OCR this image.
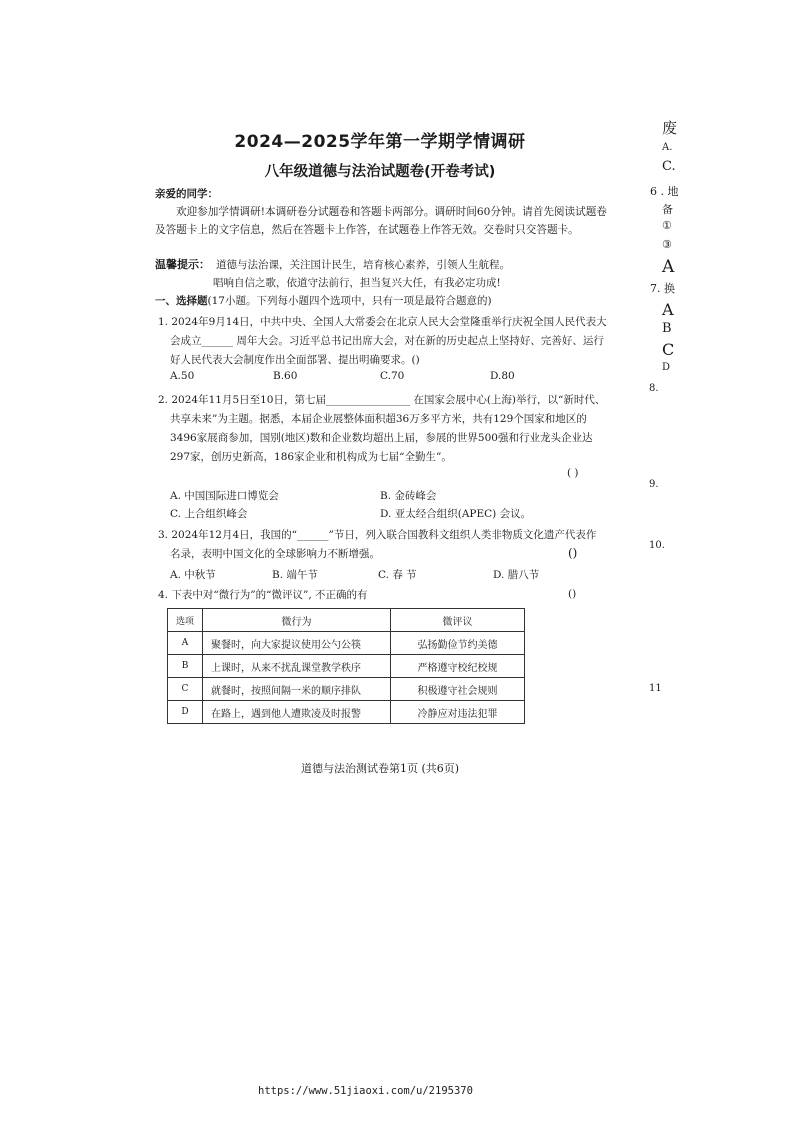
2024—2025学年第一学期学情调研
八年级道德与法治试题卷(开卷考试)
亲爱的同学：
欢迎参加学情调研!本调研卷分试题卷和答题卡两部分。调研时间60分钟。请首先阅读试题卷及答题卡上的文字信息，然后在答题卡上作答，在试题卷上作答无效。交卷时只交答题卡。
温馨提示： 道德与法治课，关注国计民生，培育核心素养，引领人生航程。
唱响自信之歌，依道守法前行，担当复兴大任，有我必定功成!
一、选择题(17小题。下列每小题四个选项中，只有一项是最符合题意的)
1. 2024年9月14日，中共中央、全国人大常委会在北京人民大会堂隆重举行庆祝全国人民代表大会成立______ 周年大会。习近平总书记出席大会，对在新的历史起点上坚持好、完善好、运行好人民代表大会制度作出全面部署、提出明确要求。()
A.50	B.60	C.70	D.80
2. 2024年11月5日至10日，第七届________________ 在国家会展中心(上海)举行，以“新时代、共享未来”为主题。据悉，本届企业展整体面积超36万多平方米，共有129个国家和地区的3496家展商参加，国别(地区)数和企业数均超出上届，参展的世界500强和行业龙头企业达297家，创历史新高，186家企业和机构成为七届“全勤生”。
( )
A. 中国国际进口博览会	B. 金砖峰会
C. 上合组织峰会	D. 亚太经合组织(APEC) 会议。
3. 2024年12月4日，我国的“______”节日，列入联合国教科文组织人类非物质文化遗产代表作名录，表明中国文化的全球影响力不断增强。	()
A. 中秋节	B. 端午节	C. 春 节	D. 腊八节
4. 下表中对“微行为”的“微评议”, 不正确的有	()
选项	微行为	微评议
A	聚餐时，向大家提议使用公勺公筷	弘扬勤俭节约美德
B	上课时，从来不扰乱课堂教学秩序	严格遵守校纪校规
C	就餐时，按照间隔一米的顺序排队	积极遵守社会规则
D	在路上，遇到他人遭欺凌及时报警	冷静应对违法犯罪
道德与法治测试卷第1页 (共6页)
https://www.51jiaoxi.com/u/2195370
废
A.
C.
6 . 地
备
①
③
A
7. 换
A
B
C
D
8.
9.
10.
11
